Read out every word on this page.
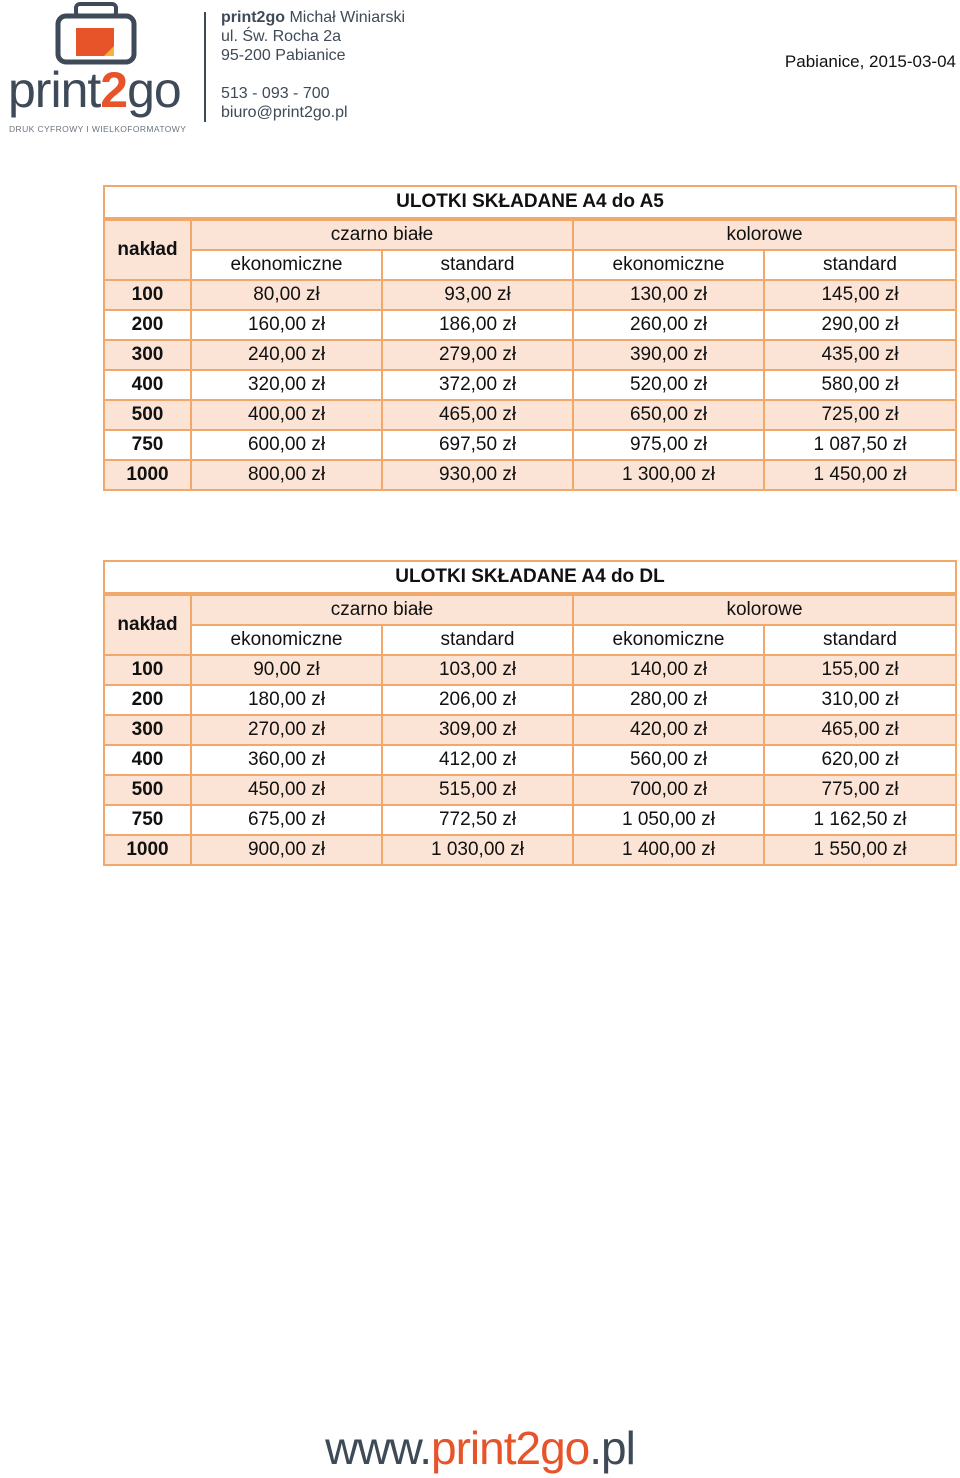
print2go
DRUK CYFROWY I WIELKOFORMATOWY
print2go Michał Winiarski
ul. Św. Rocha 2a
95-200 Pabianice
513 - 093 - 700
biuro@print2go.pl
Pabianice, 2015-03-04
ULOTKI SKŁADANE A4 do A5				
nakład	czarno białe		kolorowe	
	ekonomiczne	standard	ekonomiczne	standard
100	80,00 zł	93,00 zł	130,00 zł	145,00 zł
200	160,00 zł	186,00 zł	260,00 zł	290,00 zł
300	240,00 zł	279,00 zł	390,00 zł	435,00 zł
400	320,00 zł	372,00 zł	520,00 zł	580,00 zł
500	400,00 zł	465,00 zł	650,00 zł	725,00 zł
750	600,00 zł	697,50 zł	975,00 zł	1 087,50 zł
1000	800,00 zł	930,00 zł	1 300,00 zł	1 450,00 zł
ULOTKI SKŁADANE A4 do DL				
nakład	czarno białe		kolorowe	
	ekonomiczne	standard	ekonomiczne	standard
100	90,00 zł	103,00 zł	140,00 zł	155,00 zł
200	180,00 zł	206,00 zł	280,00 zł	310,00 zł
300	270,00 zł	309,00 zł	420,00 zł	465,00 zł
400	360,00 zł	412,00 zł	560,00 zł	620,00 zł
500	450,00 zł	515,00 zł	700,00 zł	775,00 zł
750	675,00 zł	772,50 zł	1 050,00 zł	1 162,50 zł
1000	900,00 zł	1 030,00 zł	1 400,00 zł	1 550,00 zł
www.print2go.pl
